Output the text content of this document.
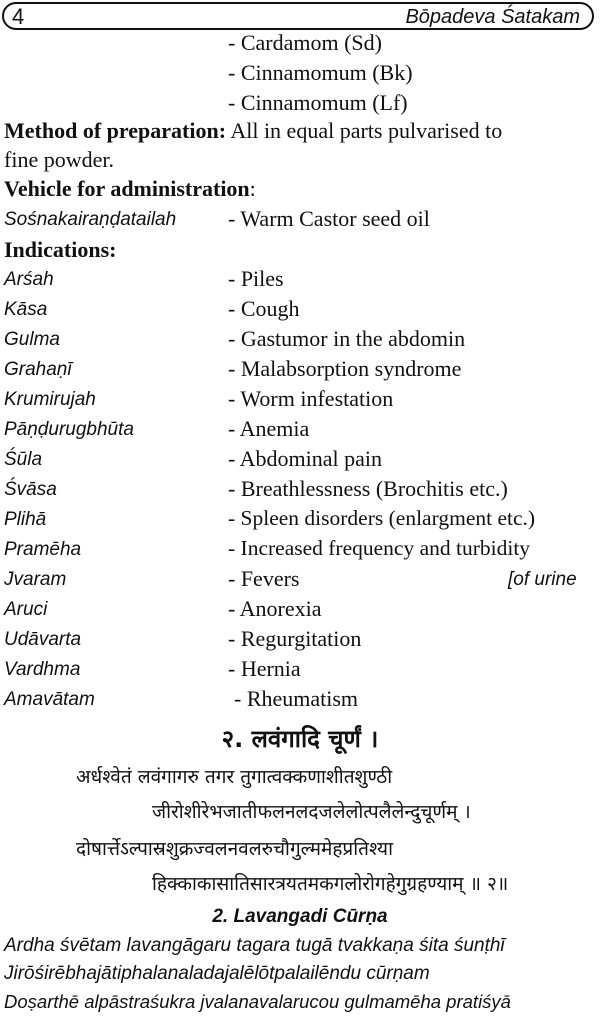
4	Bōpadeva Śatakam
- Cardamom (Sd)
- Cinnamomum (Bk)
- Cinnamomum (Lf)
Method of preparation: All in equal parts pulvarised to
fine powder.
Vehicle for administration:
Sośnakairaṇḍatailah - Warm Castor seed oil
Indications:
Arśah	- Piles
Kāsa	- Cough
Gulma	- Gastumor in the abdomin
Grahaṇī	- Malabsorption syndrome
Krumirujah	- Worm infestation
Pāṇḍurugbhūta	- Anemia
Śūla	- Abdominal pain
Śvāsa	- Breathlessness (Brochitis etc.)
Plihā	- Spleen disorders (enlargment etc.)
Pramēha	- Increased frequency and turbidity
Jvaram	- Fevers	[of urine
Aruci	- Anorexia
Udāvarta	- Regurgitation
Vardhma	- Hernia
Amavātam	- Rheumatism
२. लवंगादि चूर्णं ।
अर्धश्वेतं लवंगागरु तगर तुगात्वक्कणाशीतशुण्ठी
जीरोशीरेभजातीफलनलदजलेलोत्पलैलेन्दुचूर्णम् ।
दोषार्त्तेऽल्पास्रशुक्रज्वलनवलरुचौगुल्ममेहप्रतिश्या
हिक्काकासातिसारत्रयतमकगलोरोगहेगुग्रहण्याम् ॥ २॥
2. Lavangadi Cūrṇa
Ardha śvētam lavangāgaru tagara tugā tvakkaṇa śita śunṭhī
Jirōśirēbhajātiphalanaladajalēlōtpalailēndu cūrṇam
Doṣarthē alpāstraśukra jvalanavalarucou gulmamēha pratiśyā
